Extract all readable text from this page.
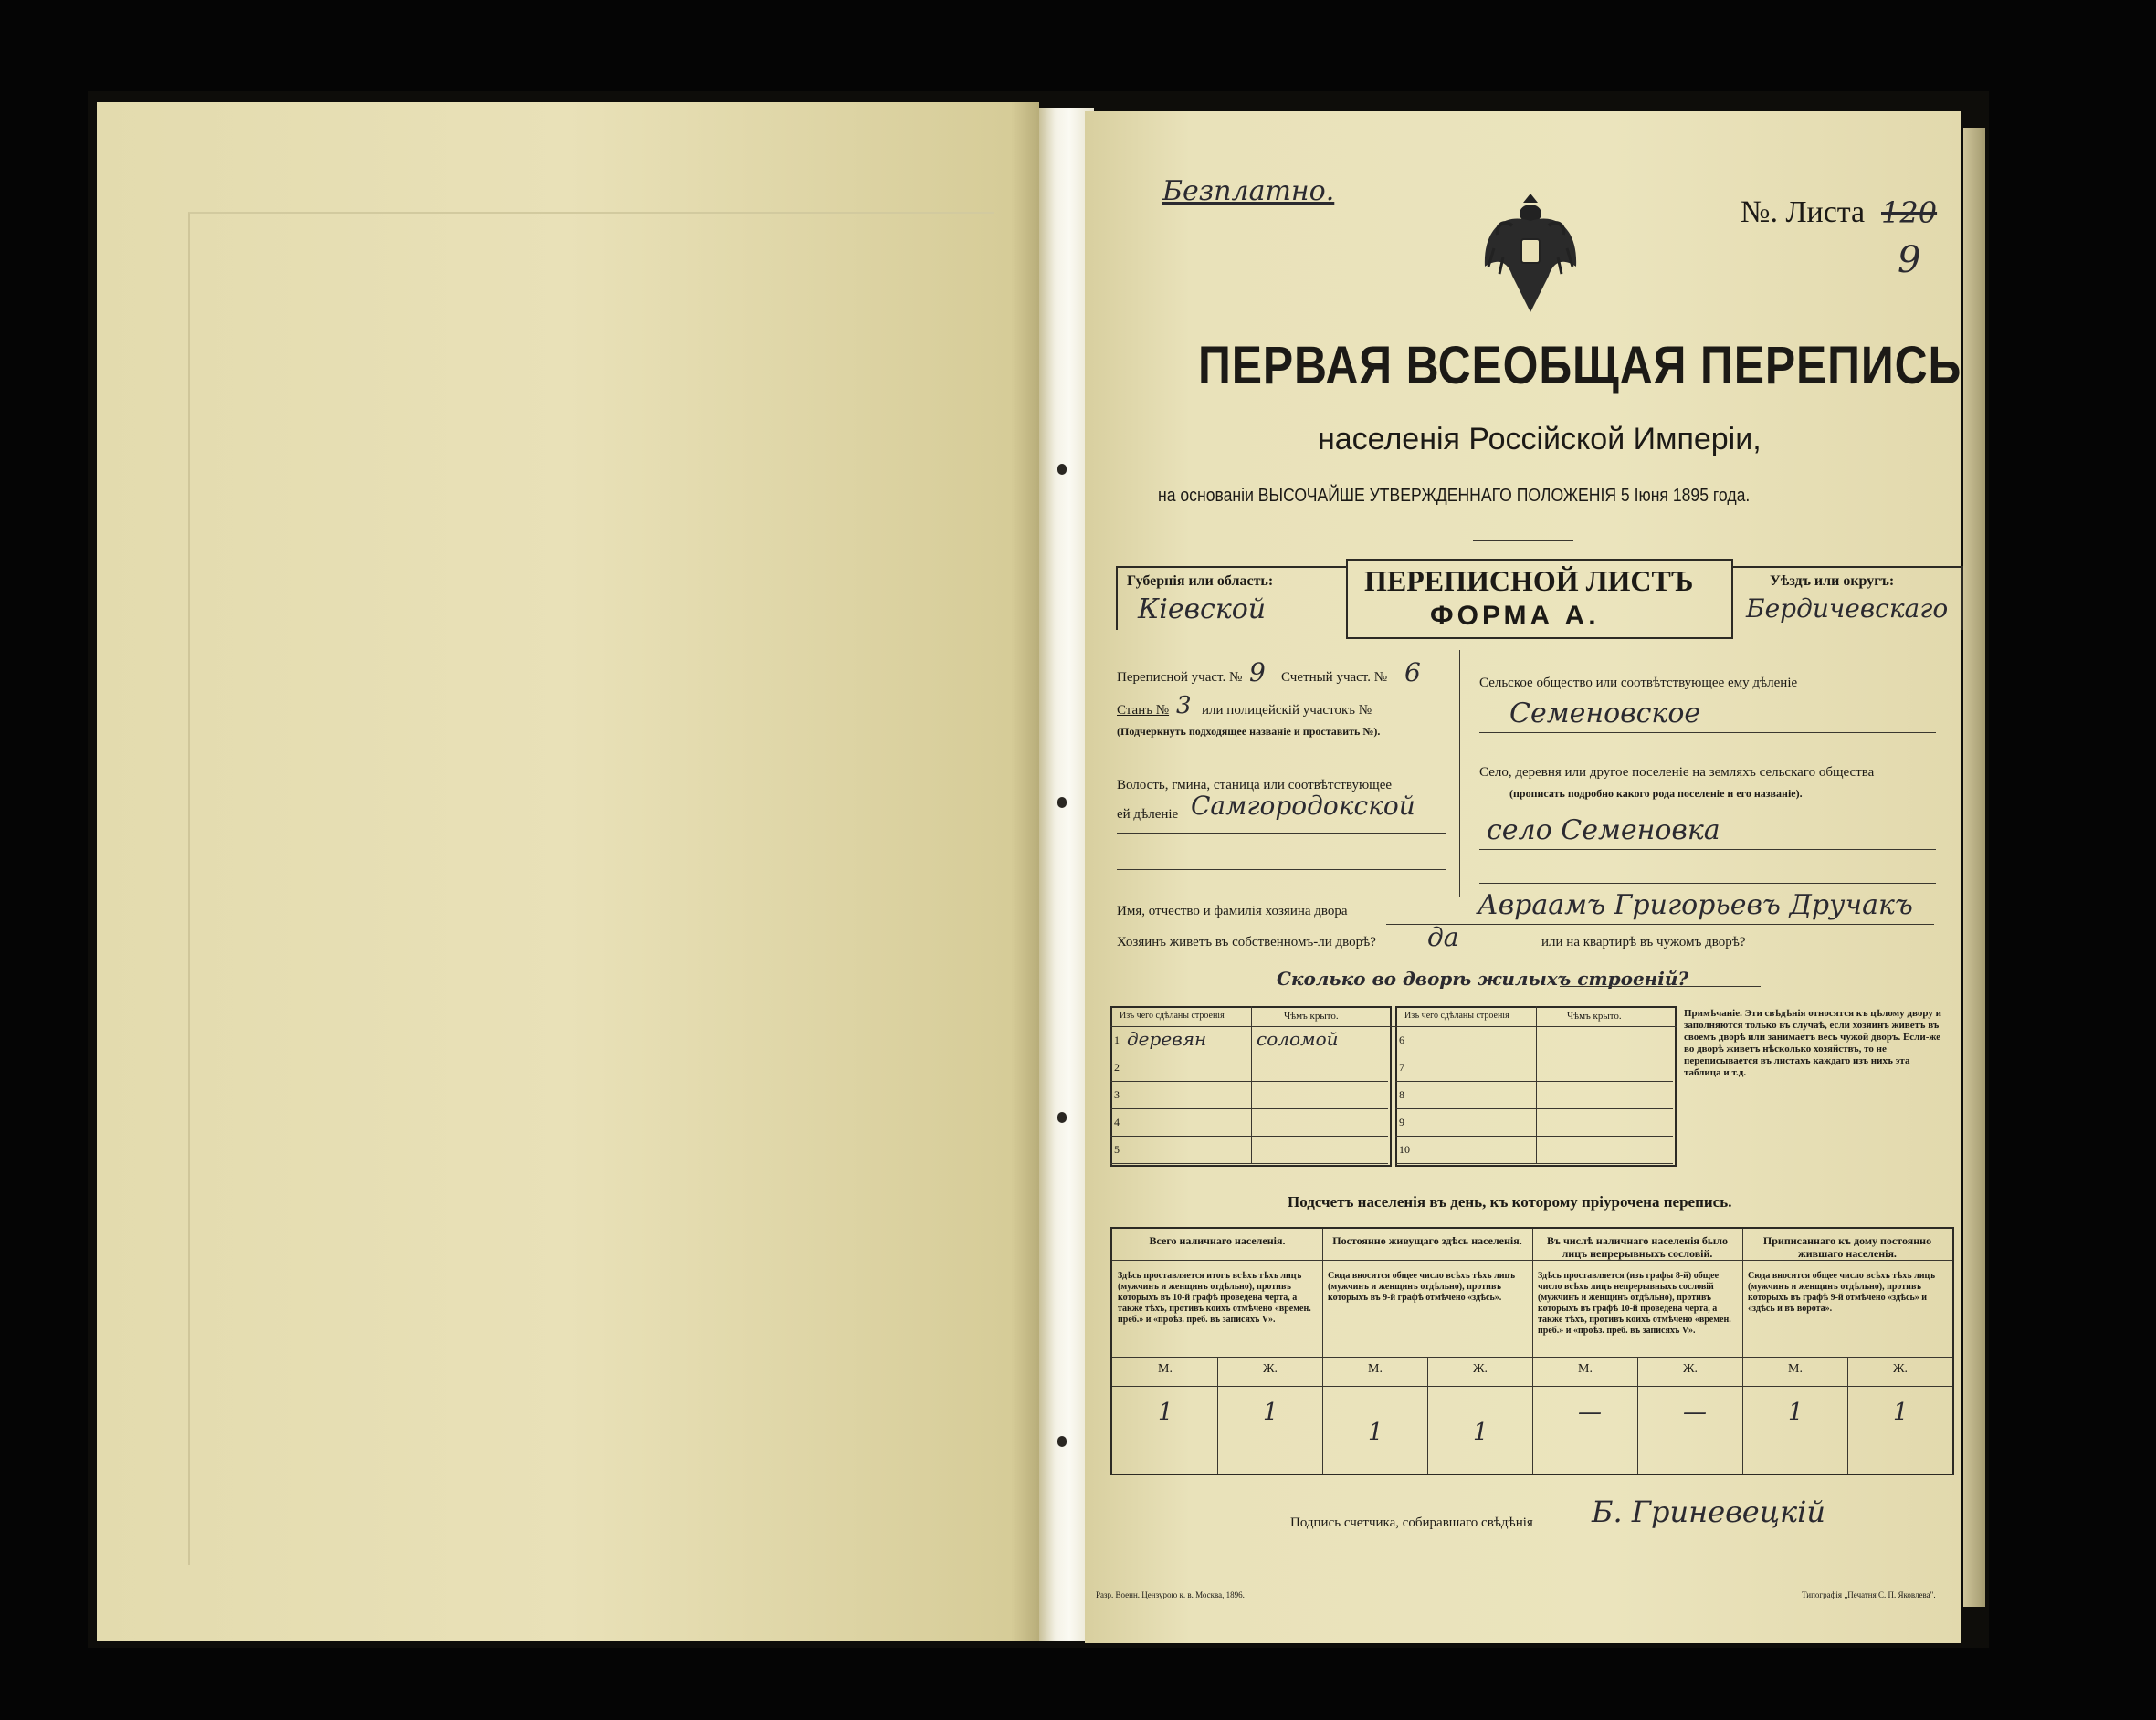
Безплатно.
№. Листа 120
9
ПЕРВАЯ ВСЕОБЩАЯ ПЕРЕПИСЬ
населенія Россійской Имперіи,
на основаніи ВЫСОЧАЙШЕ УТВЕРЖДЕННАГО ПОЛОЖЕНІЯ 5 Іюня 1895 года.
Губернія или область:
Кіевской
ПЕРЕПИСНОЙ ЛИСТЪ
ФОРМА А.
Уѣздъ или округъ:
Бердичевскаго
Переписной участ. № 9 Счетный участ. № 6
Станъ № 3 или полицейскій участокъ №
(Подчеркнуть подходящее названіе и проставить №).
Волость, гмина, станица или соотвѣтствующее
ей дѣленіе Самгородокской
Сельское общество или соотвѣтствующее ему дѣленіе
Семеновское
Село, деревня или другое поселеніе на земляхъ сельскаго общества
(прописать подробно какого рода поселеніе и его названіе).
село Семеновка
Имя, отчество и фамилія хозяина двора	Авраамъ Григорьевъ Дручакъ
Хозяинъ живетъ въ собственномъ-ли дворѣ? да	или на квартирѣ въ чужомъ дворѣ?
Сколько во дворѣ жилыхъ строеній?
Изъ чего сдѣланы строенія	Чѣмъ крыто.	Изъ чего сдѣланы строенія	Чѣмъ крыто.
1 деревян	соломой
2
3
4
5
6
7
8
9
10
Примѣчаніе. Эти свѣдѣнія относятся къ цѣлому двору и заполняются только въ случаѣ, если хозяинъ живетъ въ своемъ дворѣ или занимаетъ весь чужой дворъ. Если-же во дворѣ живетъ нѣсколько хозяйствъ, то не переписывается въ листахъ каждаго изъ нихъ эта таблица и т.д.
Подсчетъ населенія въ день, къ которому пріурочена перепись.
Всего наличнаго населенія.
Здѣсь проставляется итогъ всѣхъ тѣхъ лицъ (мужчинъ и женщинъ отдѣльно), противъ которыхъ въ 10-й графѣ проведена черта, а также тѣхъ, противъ коихъ отмѣчено «времен. преб.» и «проѣз. преб. въ записяхъ V».
М.	Ж.
1	1
Постоянно живущаго здѣсь населенія.
Сюда вносится общее число всѣхъ тѣхъ лицъ (мужчинъ и женщинъ отдѣльно), противъ которыхъ въ 9-й графѣ отмѣчено «здѣсь».
М.	Ж.
1	1
Въ числѣ наличнаго населенія было лицъ непрерывныхъ сословій.
Здѣсь проставляется (изъ графы 8-й) общее число всѣхъ лицъ непрерывныхъ сословій (мужчинъ и женщинъ отдѣльно), противъ которыхъ въ графѣ 10-й проведена черта, а также тѣхъ, противъ коихъ отмѣчено «времен. преб.» и «проѣз. преб. въ записяхъ V».
М.	Ж.
—	—
Приписаннаго къ дому постоянно жившаго населенія.
Сюда вносится общее число всѣхъ тѣхъ лицъ (мужчинъ и женщинъ отдѣльно), противъ которыхъ въ графѣ 9-й отмѣчено «здѣсь» и «здѣсь и въ ворота».
М.	Ж.
1	1
Подпись счетчика, собиравшаго свѣдѣнія Б. Гриневецкій
Разр. Военн. Цензурою к. в. Москва, 1896.	Типографія „Печатня С. П. Яковлева".
